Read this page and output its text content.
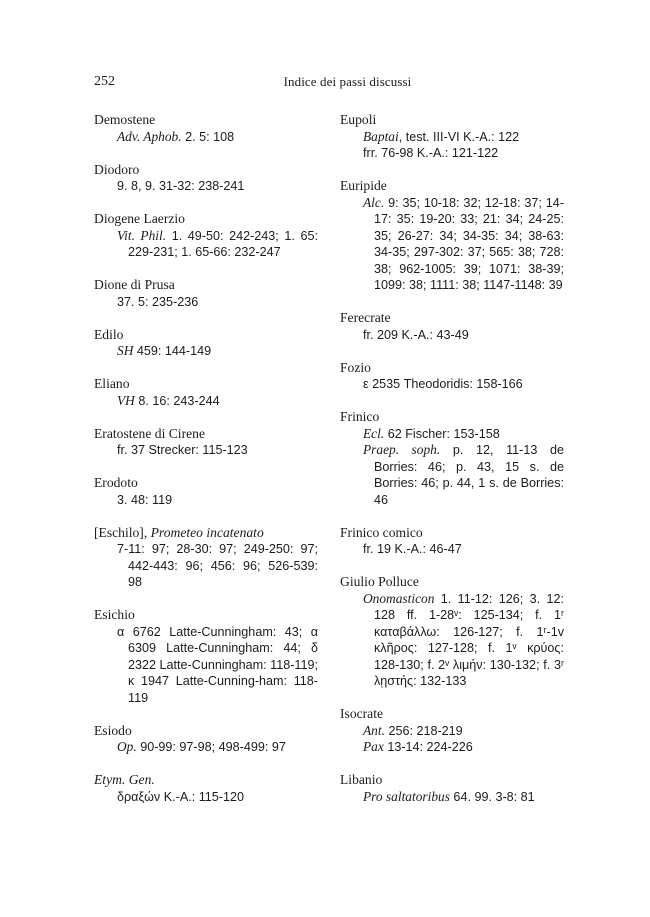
252	Indice dei passi discussi
Demostene
Adv. Aphob. 2. 5: 108
Diodoro
9. 8, 9. 31-32: 238-241
Diogene Laerzio
Vit. Phil. 1. 49-50: 242-243; 1. 65: 229-231; 1. 65-66: 232-247
Dione di Prusa
37. 5: 235-236
Edilo
SH 459: 144-149
Eliano
VH 8. 16: 243-244
Eratostene di Cirene
fr. 37 Strecker: 115-123
Erodoto
3. 48: 119
[Eschilo], Prometeo incatenato
7-11: 97; 28-30: 97; 249-250: 97; 442-443: 96; 456: 96; 526-539: 98
Esichio
α 6762 Latte-Cunningham: 43; α 6309 Latte-Cunningham: 44; δ 2322 Latte-Cunningham: 118-119; κ 1947 Latte-Cunning-ham: 118-119
Esiodo
Op. 90-99: 97-98; 498-499: 97
Etym. Gen.
δραξών K.-A.: 115-120
Eupoli
Baptai, test. III-VI K.-A.: 122
frr. 76-98 K.-A.: 121-122
Euripide
Alc. 9: 35; 10-18: 32; 12-18: 37; 14-17: 35: 19-20: 33; 21: 34; 24-25: 35; 26-27: 34; 34-35: 34; 38-63: 34-35; 297-302: 37; 565: 38; 728: 38; 962-1005: 39; 1071: 38-39; 1099: 38; 1111: 38; 1147-1148: 39
Ferecrate
fr. 209 K.-A.: 43-49
Fozio
ε 2535 Theodoridis: 158-166
Frinico
Ecl. 62 Fischer: 153-158
Praep. soph. p. 12, 11-13 de Borries: 46; p. 43, 15 s. de Borries: 46; p. 44, 1 s. de Borries: 46
Frinico comico
fr. 19 K.-A.: 46-47
Giulio Polluce
Onomasticon 1. 11-12: 126; 3. 12: 128 ff. 1-28ᵛ: 125-134; f. 1ʳ καταβάλλω: 126-127; f. 1ʳ-1v κλῆρος: 127-128; f. 1ᵛ κρύος: 128-130; f. 2ᵛ λιμήν: 130-132; f. 3ʳ λῃστής: 132-133
Isocrate
Ant. 256: 218-219
Pax 13-14: 224-226
Libanio
Pro saltatoribus 64. 99. 3-8: 81
